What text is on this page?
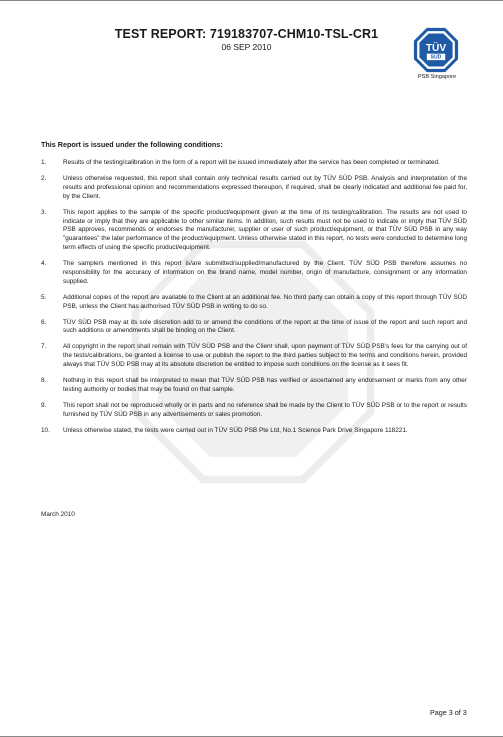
TEST REPORT: 719183707-CHM10-TSL-CR1
06 SEP 2010	TÜV
SÜD
PSB Singapore
This Report is issued under the following conditions:
1.	Results of the testing/calibration in the form of a report will be issued immediately after the service has been completed or terminated.
2.	Unless otherwise requested, this report shall contain only technical results carried out by TÜV SÜD PSB. Analysis and interpretation of the results and professional opinion and recommendations expressed thereupon, if required, shall be clearly indicated and additional fee paid for, by the Client.
3.	This report applies to the sample of the specific product/equipment given at the time of its testing/calibration. The results are not used to indicate or imply that they are applicable to other similar items. In addition, such results must not be used to indicate or imply that TÜV SÜD PSB approves, recommends or endorses the manufacturer, supplier or user of such product/equipment, or that TÜV SÜD PSB in any way "guarantees" the later performance of the product/equipment. Unless otherwise stated in this report, no tests were conducted to determine long term effects of using the specific product/equipment.
4.	The sample/s mentioned in this report is/are submitted/supplied/manufactured by the Client. TÜV SÜD PSB therefore assumes no responsibility for the accuracy of information on the brand name, model number, origin of manufacture, consignment or any information supplied.
5.	Additional copies of the report are available to the Client at an additional fee. No third party can obtain a copy of this report through TÜV SÜD PSB, unless the Client has authorised TÜV SÜD PSB in writing to do so.
6.	TÜV SÜD PSB may at its sole discretion add to or amend the conditions of the report at the time of issue of the report and such report and such additions or amendments shall be binding on the Client.
7.	All copyright in the report shall remain with TÜV SÜD PSB and the Client shall, upon payment of TÜV SÜD PSB's fees for the carrying out of the tests/calibrations, be granted a license to use or publish the report to the third parties subject to the terms and conditions herein, provided always that TÜV SÜD PSB may at its absolute discretion be entitled to impose such conditions on the license as it sees fit.
8.	Nothing in this report shall be interpreted to mean that TÜV SÜD PSB has verified or ascertained any endorsement or marks from any other testing authority or bodies that may be found on that sample.
9.	This report shall not be reproduced wholly or in parts and no reference shall be made by the Client to TÜV SÜD PSB or to the report or results furnished by TÜV SÜD PSB in any advertisements or sales promotion.
10. Unless otherwise stated, the tests were carried out in TÜV SÜD PSB Pte Ltd, No.1 Science Park Drive Singapore 118221.
March 2010
Page 3 of 3
